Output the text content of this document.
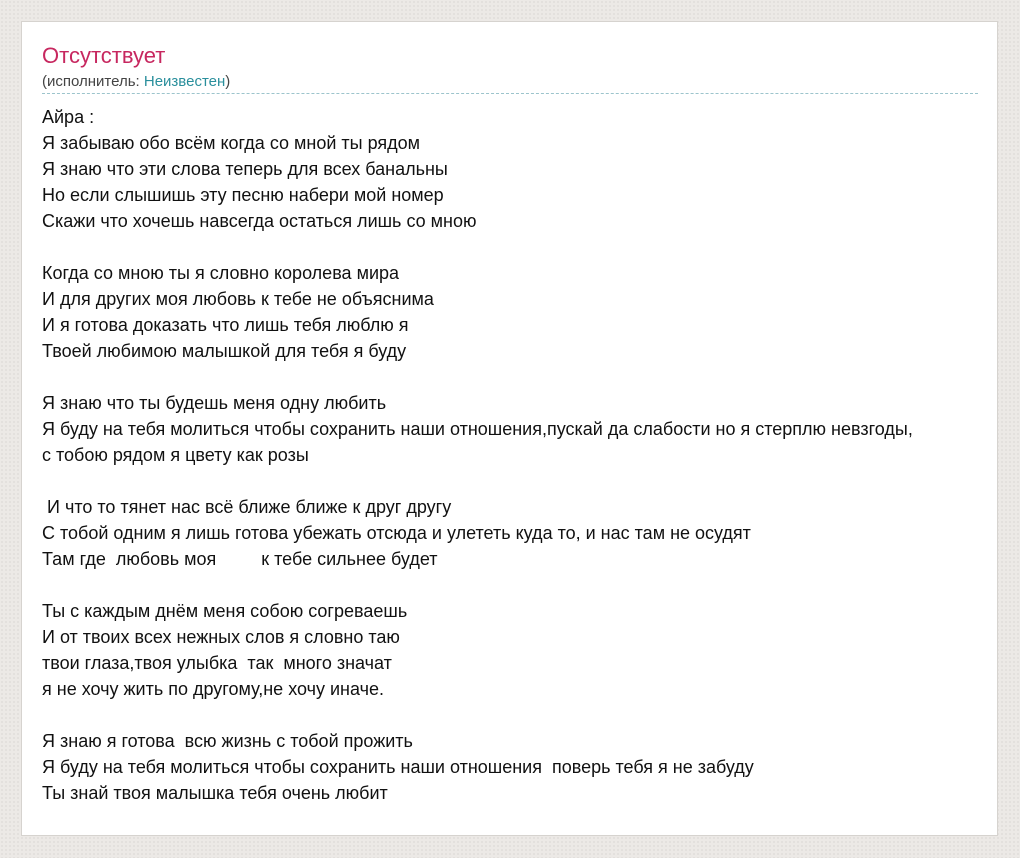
Отсутствует
(исполнитель: Неизвестен)
Айра :
Я забываю обо всём когда со мной ты рядом
Я знаю что эти слова теперь для всех банальны
Но если слышишь эту песню набери мой номер
Скажи что хочешь навсегда остаться лишь со мною
Когда со мною ты я словно королева мира
И для других моя любовь к тебе не объяснима
И я готова доказать что лишь тебя люблю я
Твоей любимою малышкой для тебя я буду
Я знаю что ты будешь меня одну любить
Я буду на тебя молиться чтобы сохранить наши отношения,пускай да слабости но я стерплю невзгоды,
с тобою рядом я цвету как розы
И что то тянет нас всё ближе ближе к друг другу
С тобой одним я лишь готова убежать отсюда и улететь куда то, и нас там не осудят
Там где  любовь моя         к тебе сильнее будет
Ты с каждым днём меня собою согреваешь
И от твоих всех нежных слов я словно таю
твои глаза,твоя улыбка  так  много значат
я не хочу жить по другому,не хочу иначе.
Я знаю я готова  всю жизнь с тобой прожить
Я буду на тебя молиться чтобы сохранить наши отношения  поверь тебя я не забуду
Ты знай твоя малышка тебя очень любит
